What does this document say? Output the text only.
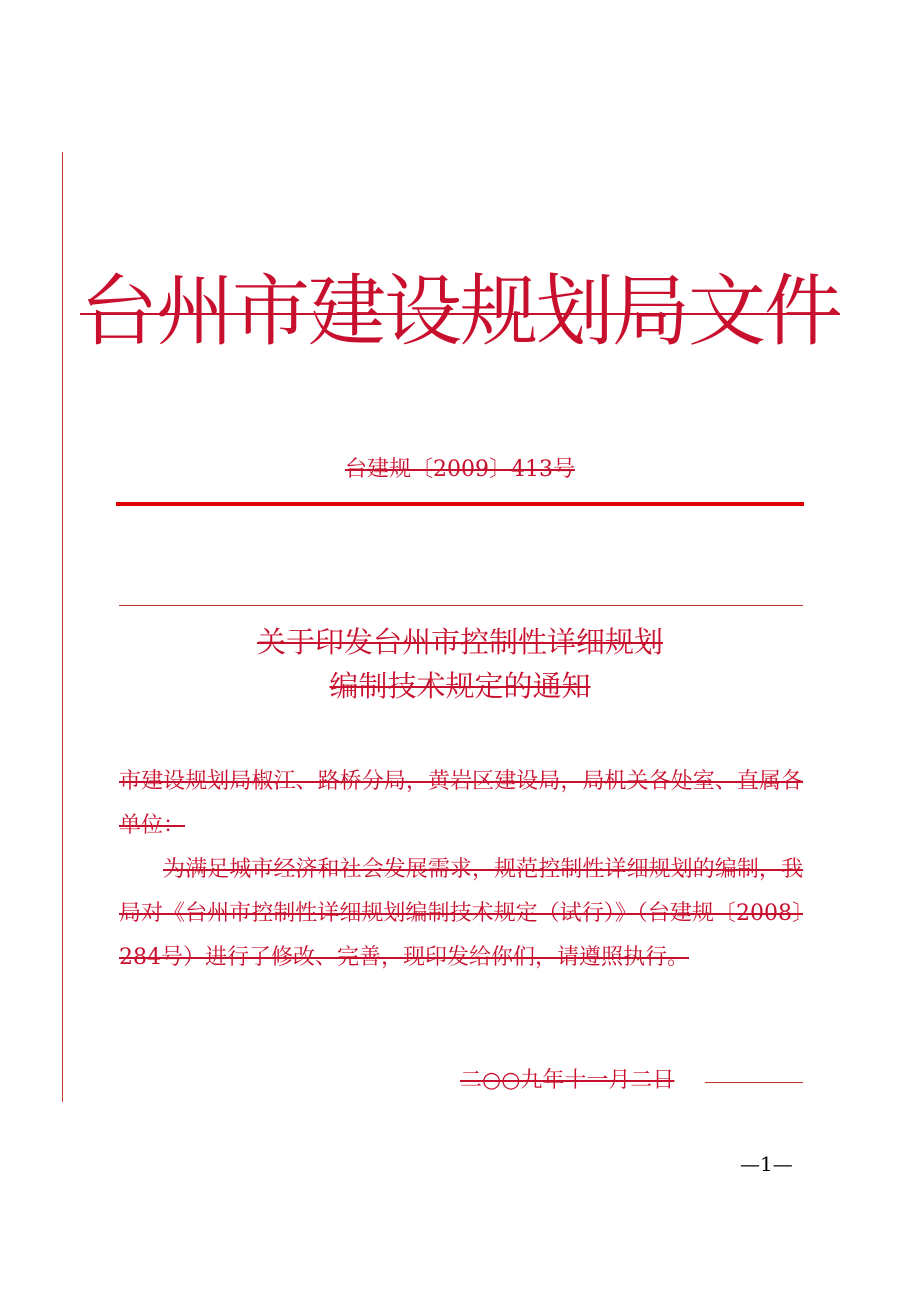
台州市建设规划局文件
台建规〔2009〕413号
关于印发台州市控制性详细规划
编制技术规定的通知

市建设规划局椒江、路桥分局，黄岩区建设局，局机关各处室、直属各单位：

为满足城市经济和社会发展需求，规范控制性详细规划的编制，我局对《台州市控制性详细规划编制技术规定（试行）》（台建规〔2008〕284号）进行了修改、完善，现印发给你们，请遵照执行。

二○○九年十一月二日
—1—
